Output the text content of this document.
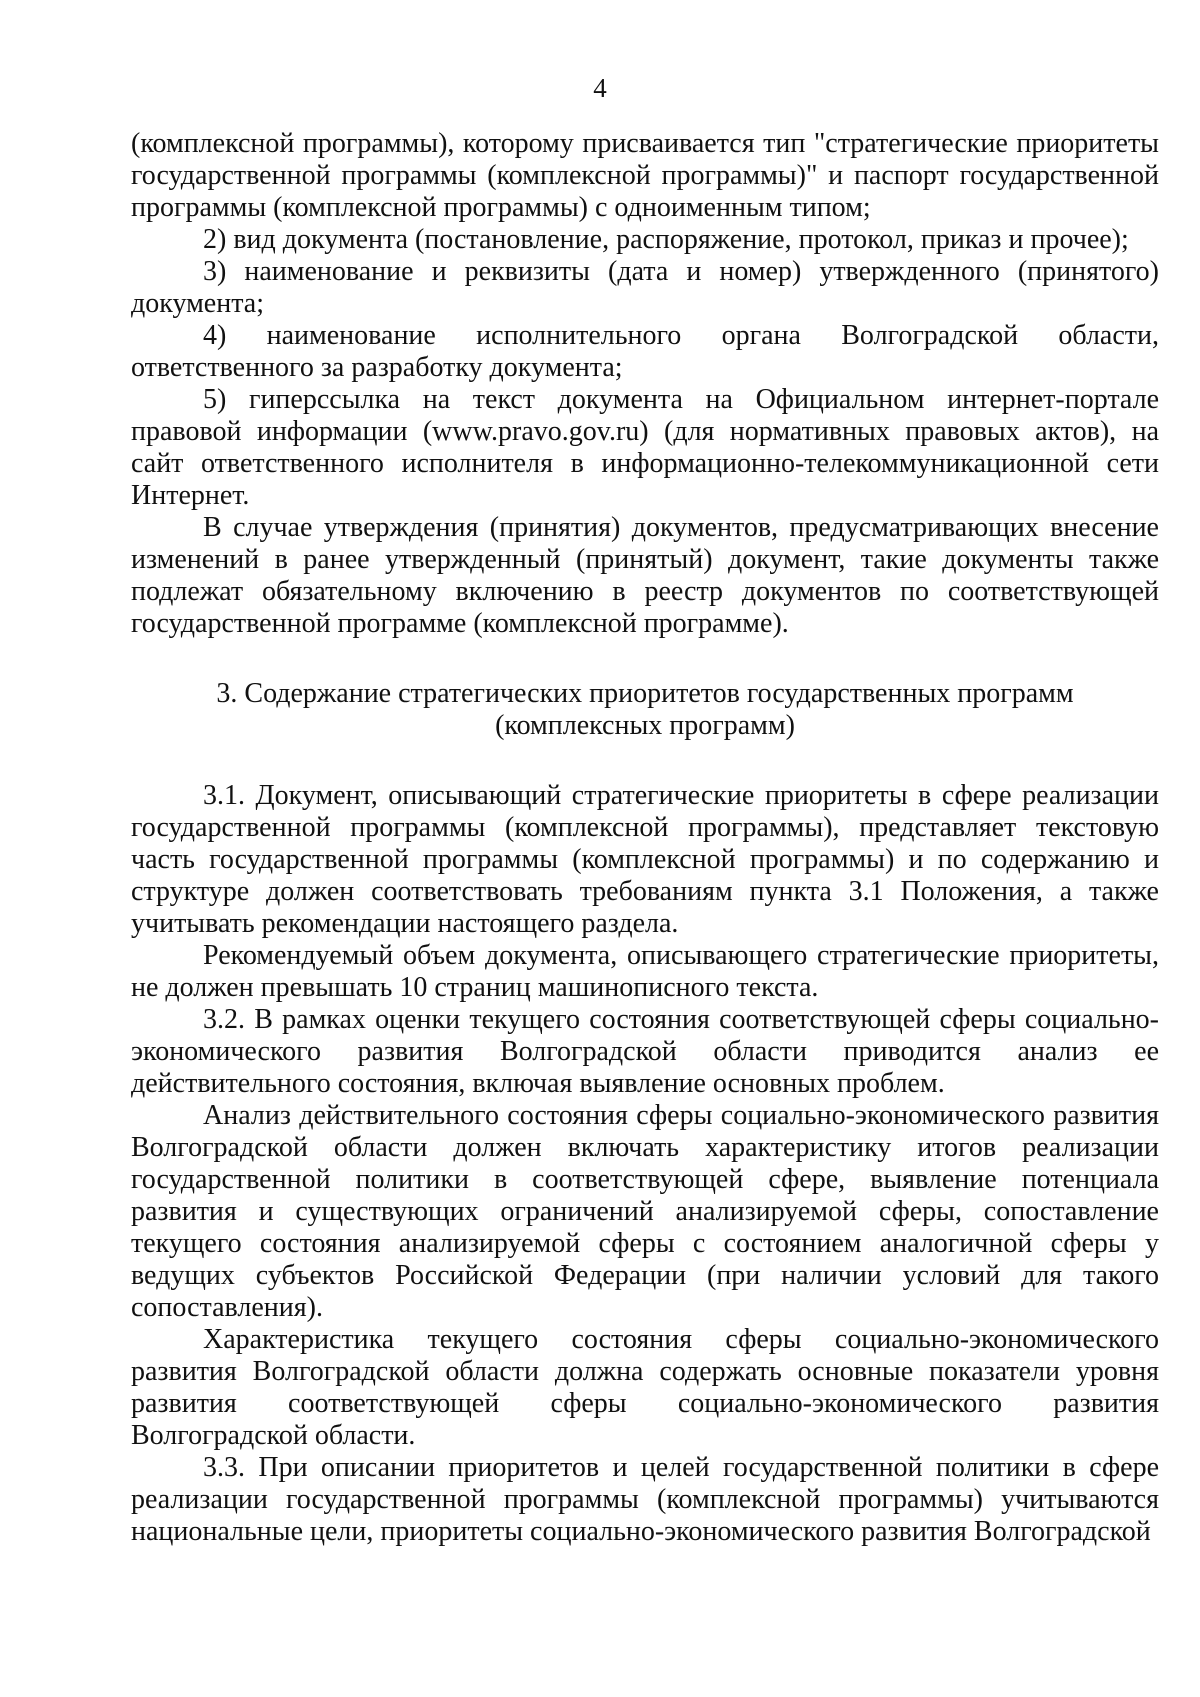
4

(комплексной программы), которому присваивается тип "стратегические приоритеты государственной программы (комплексной программы)" и паспорт государственной программы (комплексной программы) с одноименным типом;

2) вид документа (постановление, распоряжение, протокол, приказ и прочее);

3) наименование и реквизиты (дата и номер) утвержденного (принятого) документа;

4) наименование исполнительного органа Волгоградской области, ответственного за разработку документа;

5) гиперссылка на текст документа на Официальном интернет-портале правовой информации (www.pravo.gov.ru) (для нормативных правовых актов), на сайт ответственного исполнителя в информационно-телекоммуникационной сети Интернет.

В случае утверждения (принятия) документов, предусматривающих внесение изменений в ранее утвержденный (принятый) документ, такие документы также подлежат обязательному включению в реестр документов по соответствующей государственной программе (комплексной программе).

3. Содержание стратегических приоритетов государственных программ
(комплексных программ)

3.1. Документ, описывающий стратегические приоритеты в сфере реализации государственной программы (комплексной программы), представляет текстовую часть государственной программы (комплексной программы) и по содержанию и структуре должен соответствовать требованиям пункта 3.1 Положения, а также учитывать рекомендации настоящего раздела.

Рекомендуемый объем документа, описывающего стратегические приоритеты, не должен превышать 10 страниц машинописного текста.

3.2. В рамках оценки текущего состояния соответствующей сферы социально-экономического развития Волгоградской области приводится анализ ее действительного состояния, включая выявление основных проблем.

Анализ действительного состояния сферы социально-экономического развития Волгоградской области должен включать характеристику итогов реализации государственной политики в соответствующей сфере, выявление потенциала развития и существующих ограничений анализируемой сферы, сопоставление текущего состояния анализируемой сферы с состоянием аналогичной сферы у ведущих субъектов Российской Федерации (при наличии условий для такого сопоставления).

Характеристика текущего состояния сферы социально-экономического развития Волгоградской области должна содержать основные показатели уровня развития соответствующей сферы социально-экономического развития Волгоградской области.

3.3. При описании приоритетов и целей государственной политики в сфере реализации государственной программы (комплексной программы) учитываются национальные цели, приоритеты социально-экономического развития Волгоградской
